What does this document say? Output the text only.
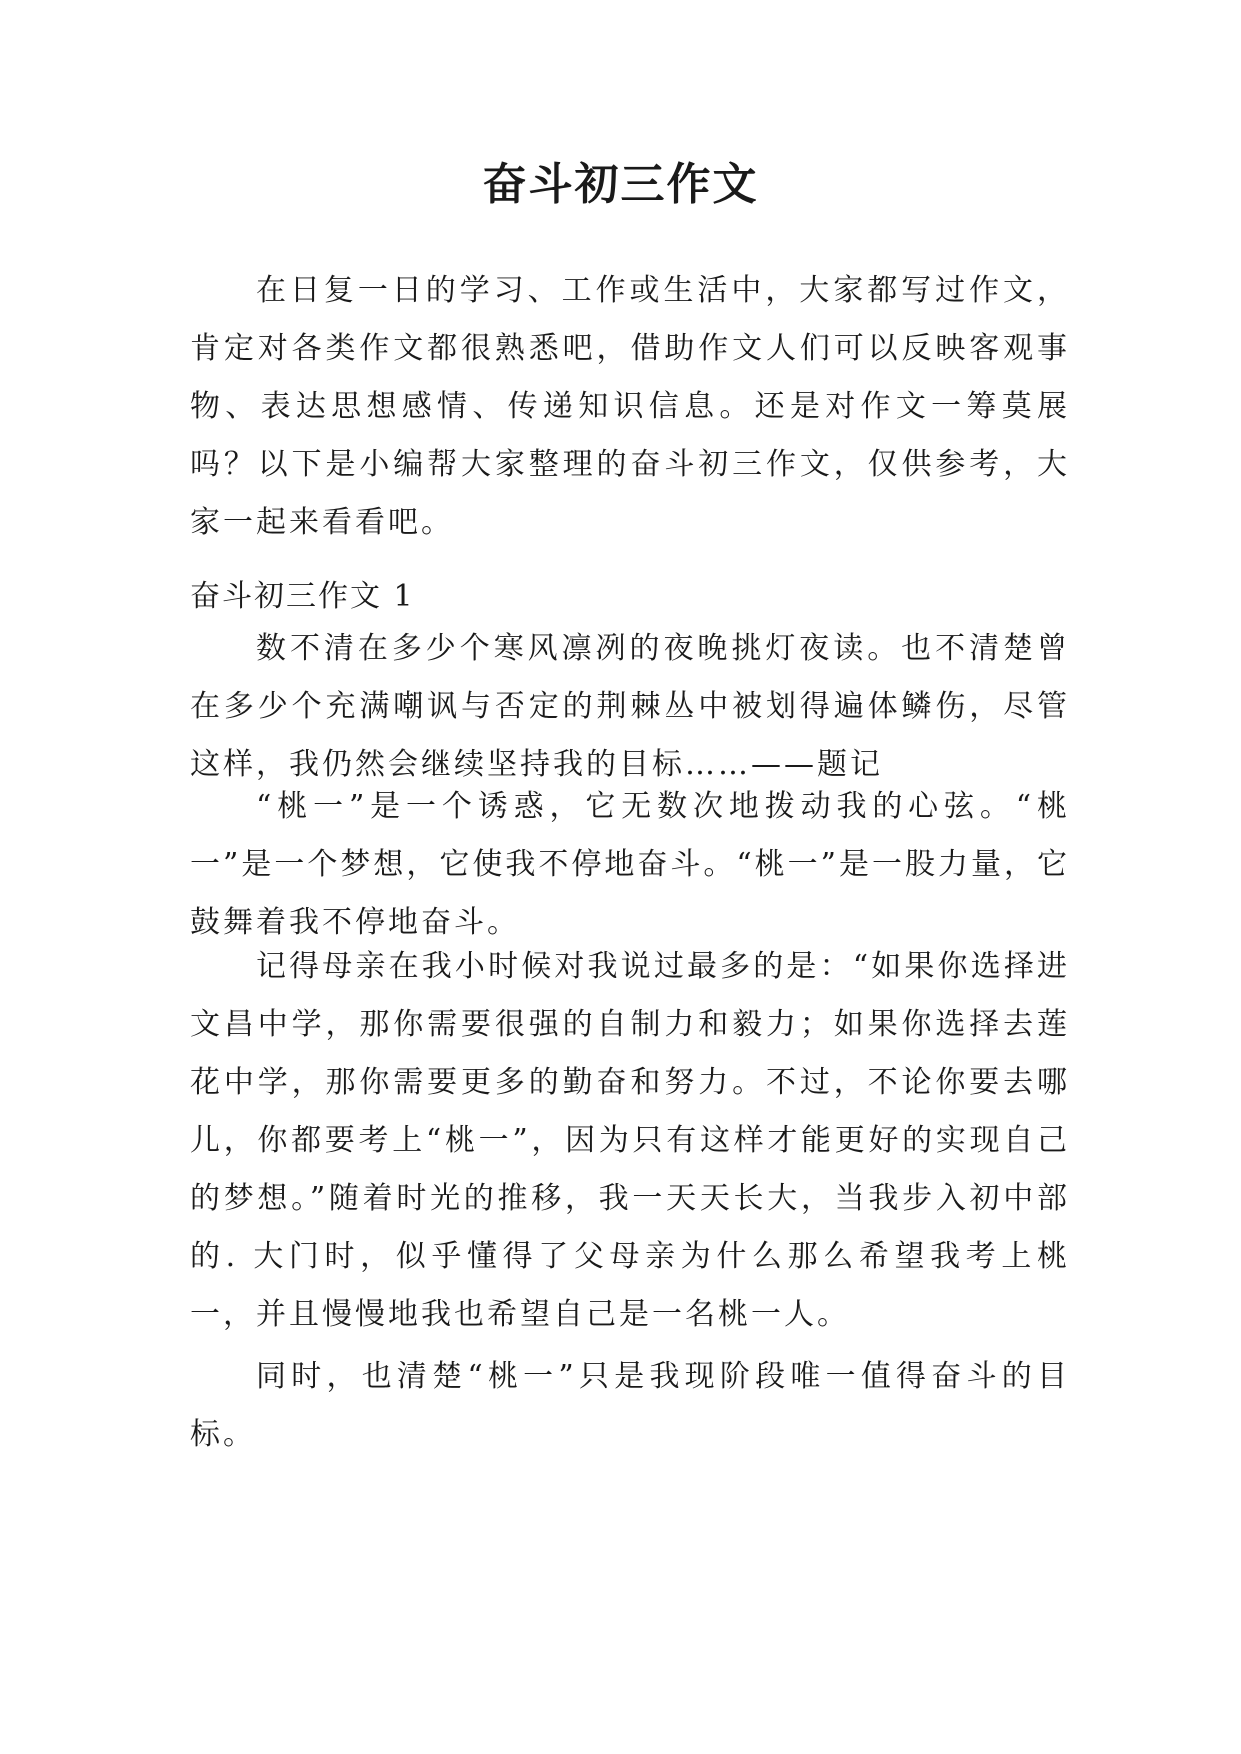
奋斗初三作文

在日复一日的学习、工作或生活中，大家都写过作文，肯定对各类作文都很熟悉吧，借助作文人们可以反映客观事物、表达思想感情、传递知识信息。还是对作文一筹莫展吗？以下是小编帮大家整理的奋斗初三作文，仅供参考，大家一起来看看吧。

奋斗初三作文 1

数不清在多少个寒风凛冽的夜晚挑灯夜读。也不清楚曾在多少个充满嘲讽与否定的荆棘丛中被划得遍体鳞伤，尽管这样，我仍然会继续坚持我的目标……——题记

“桃一”是一个诱惑，它无数次地拨动我的心弦。“桃一”是一个梦想，它使我不停地奋斗。“桃一”是一股力量，它鼓舞着我不停地奋斗。

记得母亲在我小时候对我说过最多的是：“如果你选择进文昌中学，那你需要很强的自制力和毅力；如果你选择去莲花中学，那你需要更多的勤奋和努力。不过，不论你要去哪儿，你都要考上“桃一”，因为只有这样才能更好的实现自己的梦想。”随着时光的推移，我一天天长大，当我步入初中部的. 大门时，似乎懂得了父母亲为什么那么希望我考上桃一，并且慢慢地我也希望自己是一名桃一人。

同时，也清楚“桃一”只是我现阶段唯一值得奋斗的目标。
